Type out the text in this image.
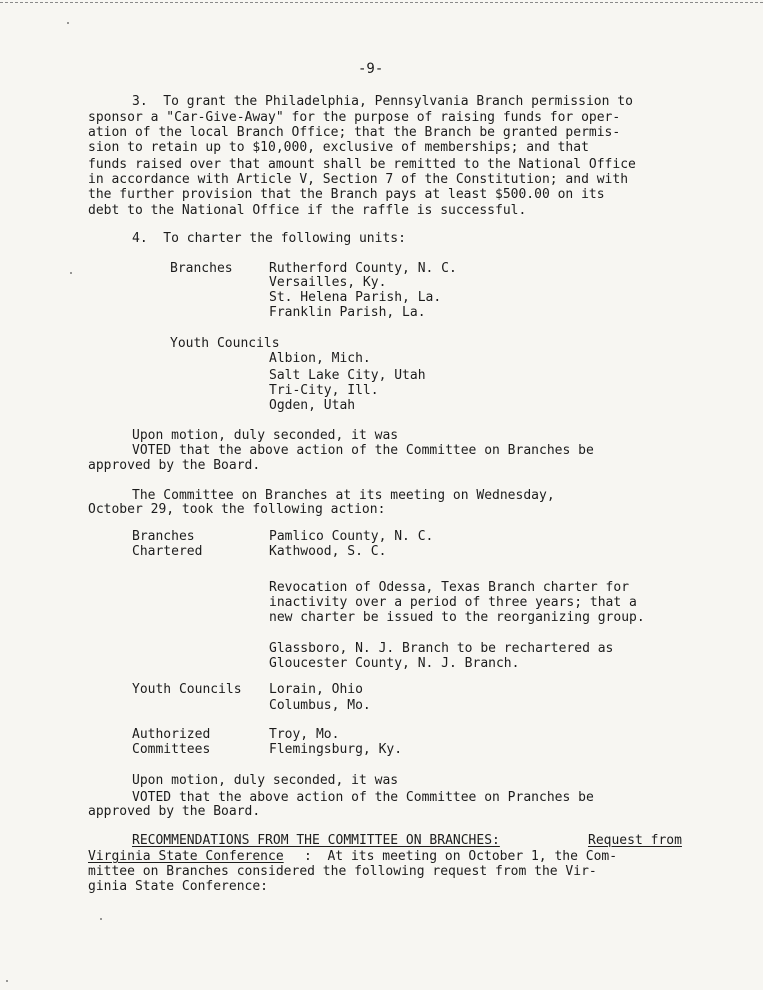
-9-
3.  To grant the Philadelphia, Pennsylvania Branch permission to
sponsor a "Car-Give-Away" for the purpose of raising funds for oper-
ation of the local Branch Office; that the Branch be granted permis-
sion to retain up to $10,000, exclusive of memberships; and that
funds raised over that amount shall be remitted to the National Office
in accordance with Article V, Section 7 of the Constitution; and with
the further provision that the Branch pays at least $500.00 on its
debt to the National Office if the raffle is successful.
4.  To charter the following units:
Branches	Rutherford County, N. C.
Versailles, Ky.
St. Helena Parish, La.
Franklin Parish, La.
Youth Councils
Albion, Mich.
Salt Lake City, Utah
Tri-City, Ill.
Ogden, Utah
Upon motion, duly seconded, it was
VOTED that the above action of the Committee on Branches be
approved by the Board.
The Committee on Branches at its meeting on Wednesday,
October 29, took the following action:
Branches
Chartered
Pamlico County, N. C.
Kathwood, S. C.
Revocation of Odessa, Texas Branch charter for
inactivity over a period of three years; that a
new charter be issued to the reorganizing group.
Glassboro, N. J. Branch to be rechartered as
Gloucester County, N. J. Branch.
Youth Councils Lorain, Ohio
Columbus, Mo.
Authorized
Committees
Troy, Mo.
Flemingsburg, Ky.
Upon motion, duly seconded, it was
VOTED that the above action of the Committee on Pranches be
approved by the Board.
RECOMMENDATIONS FROM THE COMMITTEE ON BRANCHES:	Request from
Virginia State Conference :  At its meeting on October 1, the Com-
mittee on Branches considered the following request from the Vir-
ginia State Conference:
